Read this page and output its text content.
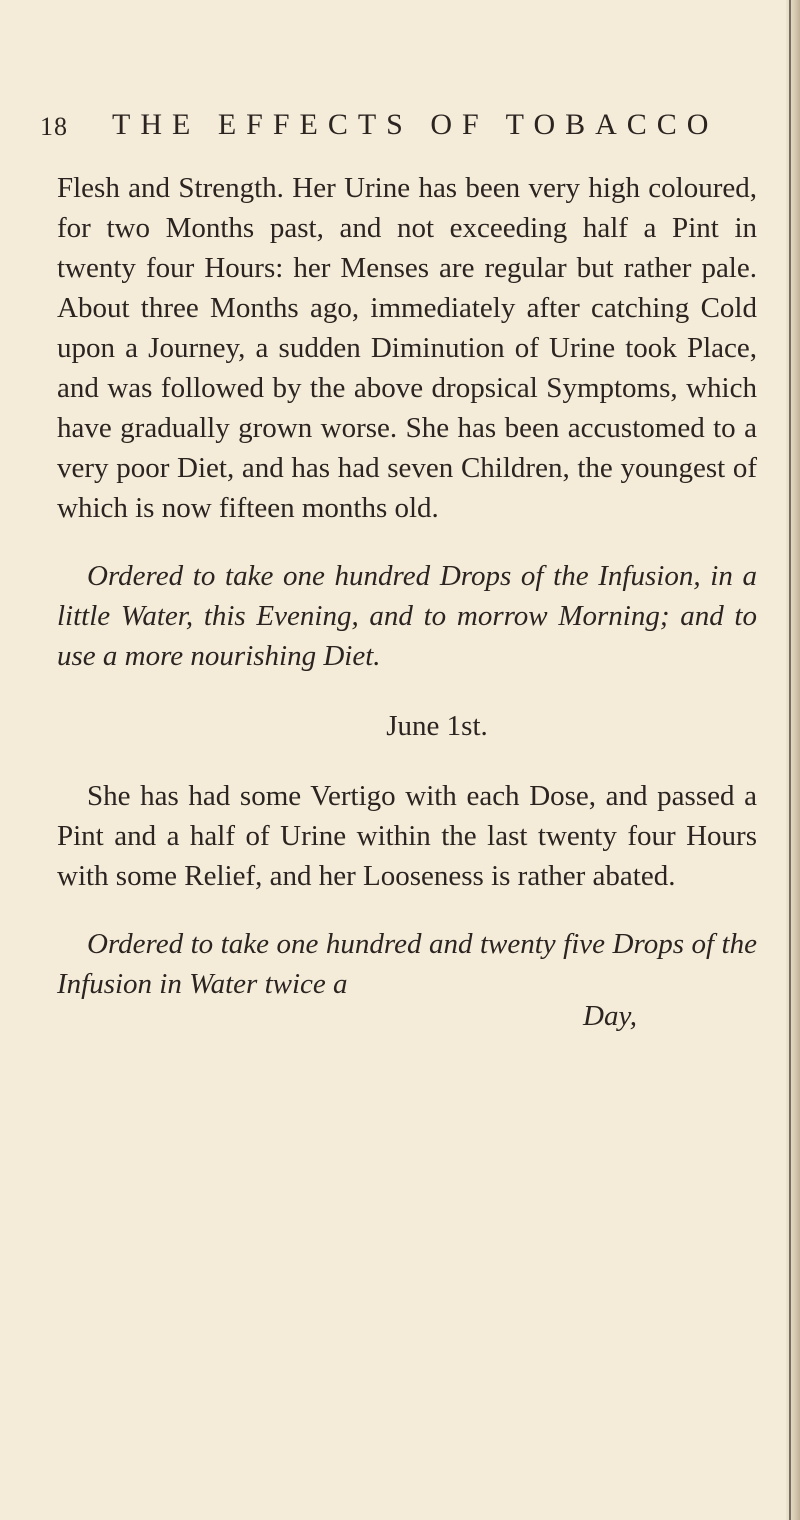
18 THE EFFECTS OF TOBACCO

Flesh and Strength. Her Urine has been very high coloured, for two Months past, and not exceeding half a Pint in twenty four Hours: her Menses are regular but rather pale. About three Months ago, immediately after catching Cold upon a Journey, a sudden Diminution of Urine took Place, and was followed by the above dropsical Symptoms, which have gradually grown worse. She has been accustomed to a very poor Diet, and has had seven Children, the youngest of which is now fifteen months old.

Ordered to take one hundred Drops of the Infusion, in a little Water, this Evening, and to morrow Morning; and to use a more nourishing Diet.

June 1st.

She has had some Vertigo with each Dose, and passed a Pint and a half of Urine within the last twenty four Hours with some Relief, and her Looseness is rather abated.

Ordered to take one hundred and twenty five Drops of the Infusion in Water twice a

Day,
